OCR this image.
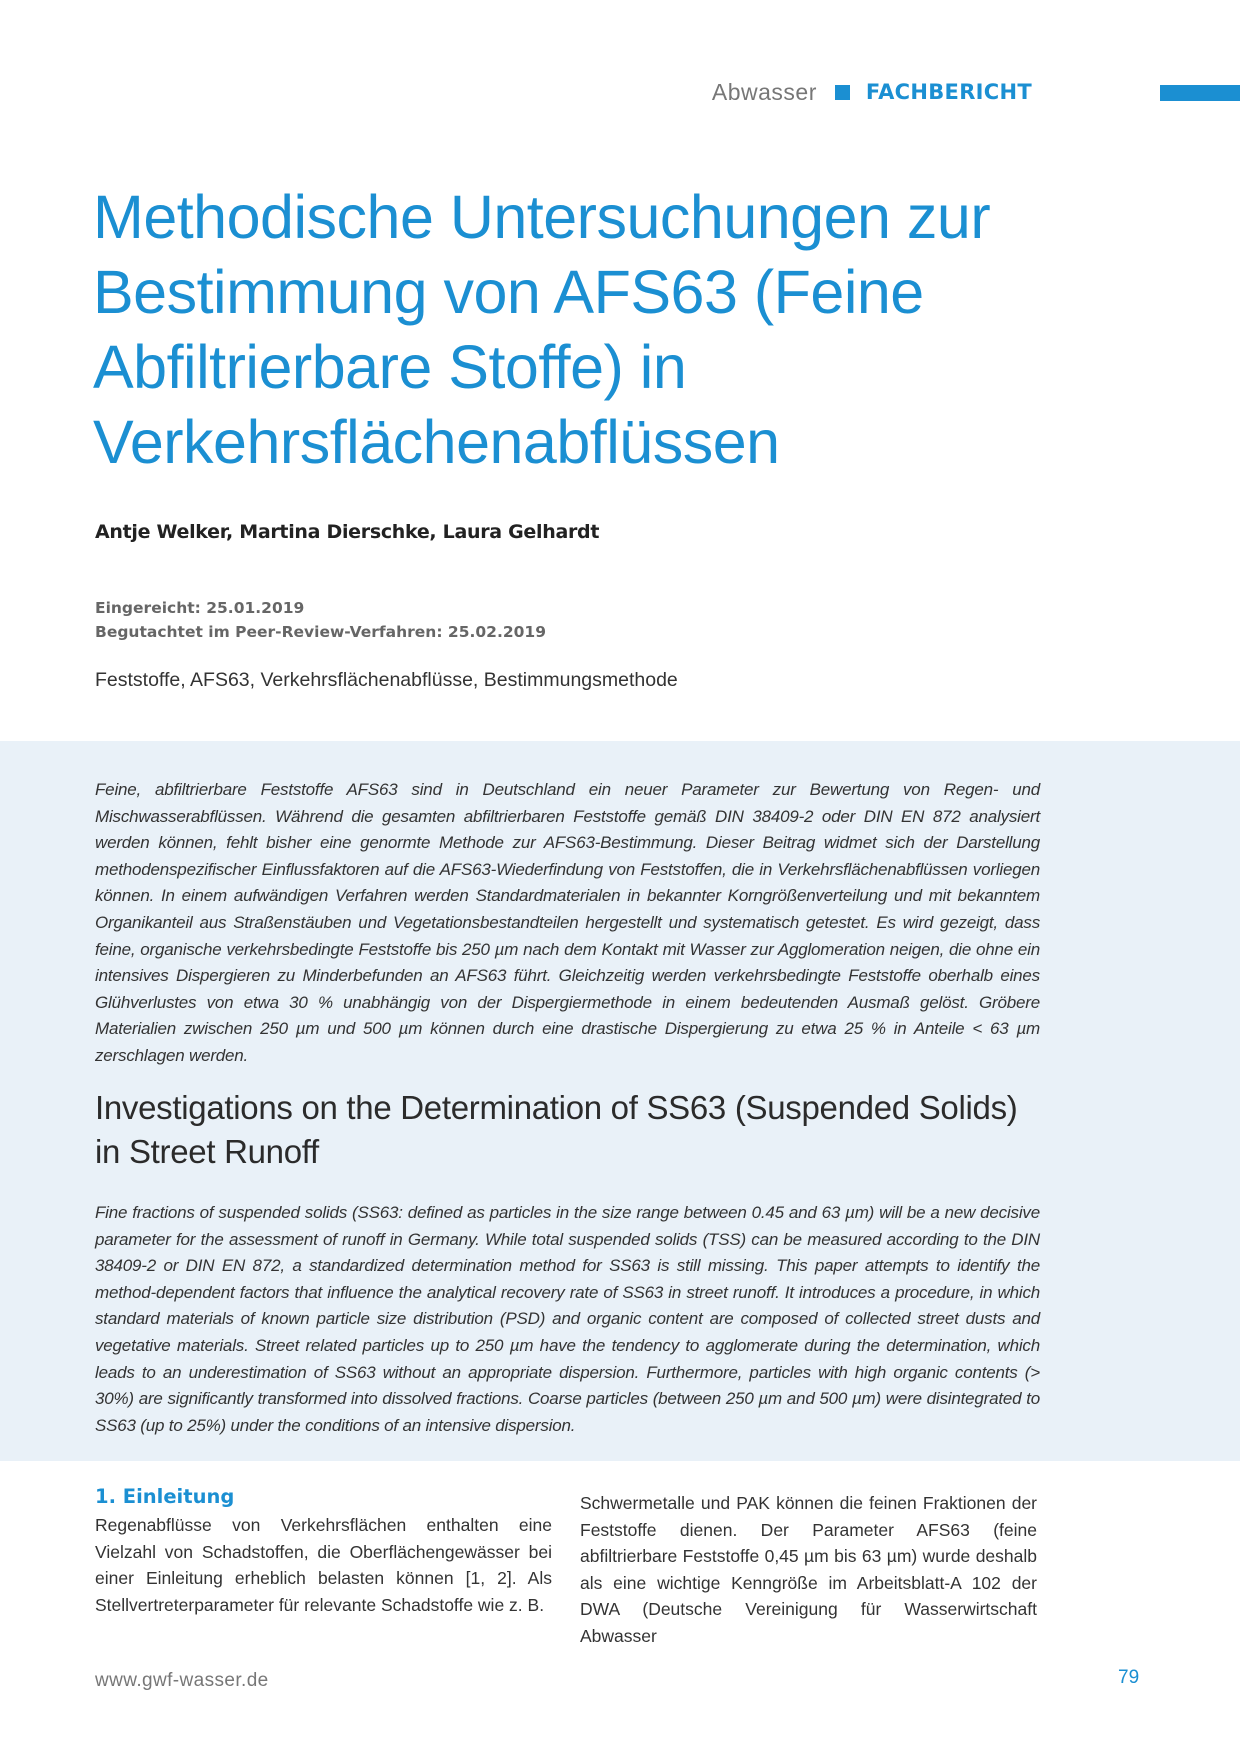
Abwasser FACHBERICHT
Methodische Untersuchungen zur Bestimmung von AFS63 (Feine Abfiltrierbare Stoffe) in Verkehrsflächenabflüssen

Antje Welker, Martina Dierschke, Laura Gelhardt

Eingereicht: 25.01.2019
Begutachtet im Peer-Review-Verfahren: 25.02.2019
Feststoffe, AFS63, Verkehrsflächenabflüsse, Bestimmungsmethode

Feine, abfiltrierbare Feststoffe AFS63 sind in Deutschland ein neuer Parameter zur Bewertung von Regen- und Mischwasserabflüssen. Während die gesamten abfiltrierbaren Feststoffe gemäß DIN 38409-2 oder DIN EN 872 analysiert werden können, fehlt bisher eine genormte Methode zur AFS63-Bestimmung. Dieser Beitrag widmet sich der Darstellung methodenspezifischer Einflussfaktoren auf die AFS63-Wiederfindung von Feststoffen, die in Verkehrsflächenabflüssen vorliegen können. In einem aufwändigen Verfahren werden Standardmaterialen in bekannter Korngrößenverteilung und mit bekanntem Organikanteil aus Straßenstäuben und Vegetationsbestandteilen hergestellt und systematisch getestet. Es wird gezeigt, dass feine, organische verkehrsbedingte Feststoffe bis 250 µm nach dem Kontakt mit Wasser zur Agglomeration neigen, die ohne ein intensives Dispergieren zu Minderbefunden an AFS63 führt. Gleichzeitig werden verkehrsbedingte Feststoffe oberhalb eines Glühverlustes von etwa 30 % unabhängig von der Dispergiermethode in einem bedeutenden Ausmaß gelöst. Gröbere Materialien zwischen 250 µm und 500 µm können durch eine drastische Dispergierung zu etwa 25 % in Anteile < 63 µm zerschlagen werden.

Investigations on the Determination of SS63 (Suspended Solids) in Street Runoff

Fine fractions of suspended solids (SS63: defined as particles in the size range between 0.45 and 63 µm) will be a new decisive parameter for the assessment of runoff in Germany. While total suspended solids (TSS) can be measured according to the DIN 38409-2 or DIN EN 872, a standardized determination method for SS63 is still missing. This paper attempts to identify the method-dependent factors that influence the analytical recovery rate of SS63 in street runoff. It introduces a procedure, in which standard materials of known particle size distribution (PSD) and organic content are composed of collected street dusts and vegetative materials. Street related particles up to 250 µm have the tendency to agglomerate during the determination, which leads to an underestimation of SS63 without an appropriate dispersion. Furthermore, particles with high organic contents (> 30%) are significantly transformed into dissolved fractions. Coarse particles (between 250 µm and 500 µm) were disintegrated to SS63 (up to 25%) under the conditions of an intensive dispersion.

1. Einleitung

Regenabflüsse von Verkehrsflächen enthalten eine Vielzahl von Schadstoffen, die Oberflächengewässer bei einer Einleitung erheblich belasten können [1, 2]. Als Stellvertreterparameter für relevante Schadstoffe wie z. B.

Schwermetalle und PAK können die feinen Fraktionen der Feststoffe dienen. Der Parameter AFS63 (feine abfiltrierbare Feststoffe 0,45 µm bis 63 µm) wurde deshalb als eine wichtige Kenngröße im Arbeitsblatt-A 102 der DWA (Deutsche Vereinigung für Wasserwirtschaft Abwasser

www.gwf-wasser.de	79
